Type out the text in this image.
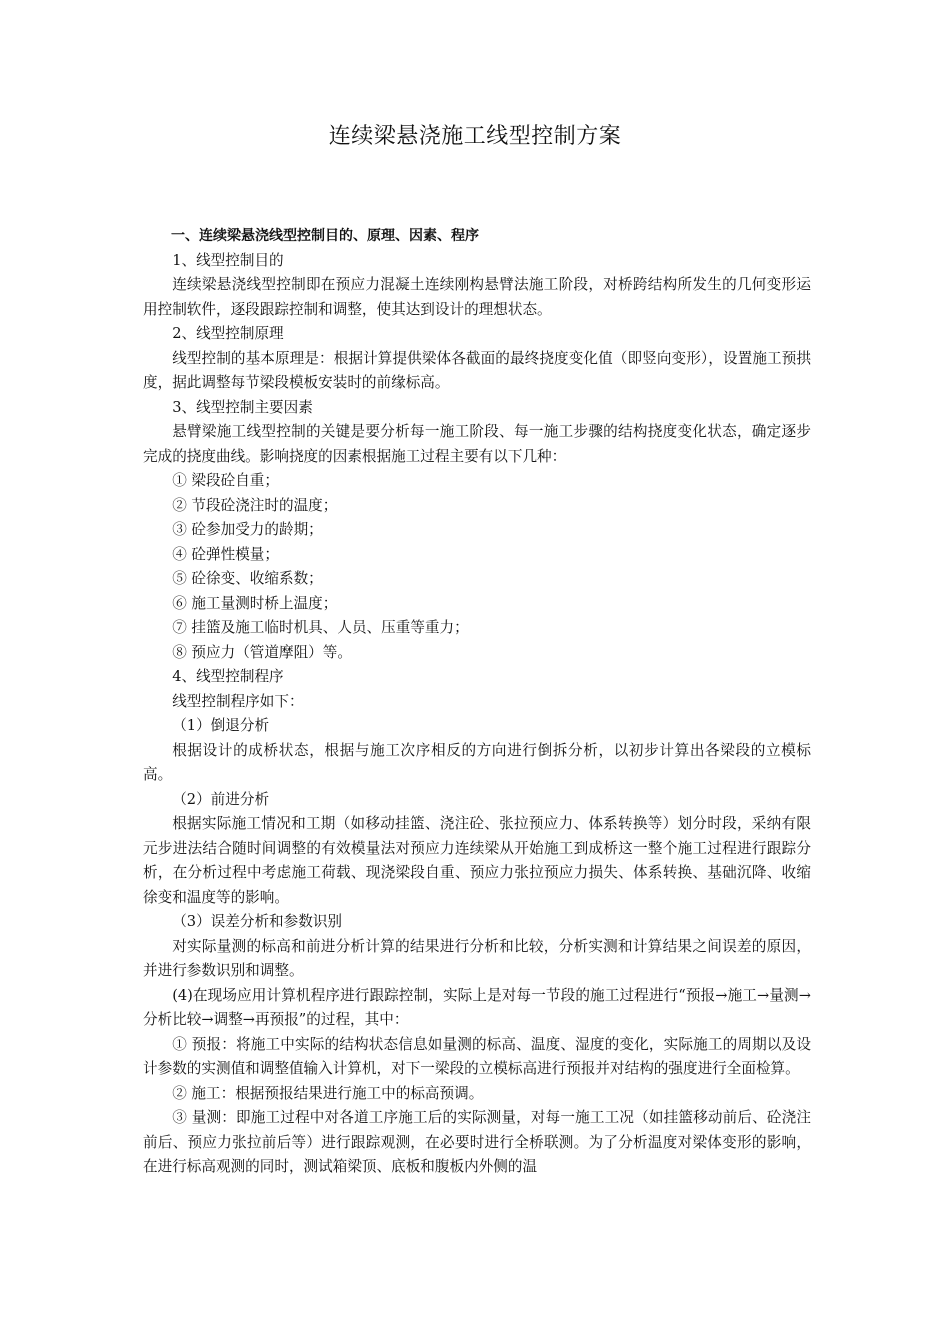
连续梁悬浇施工线型控制方案

一、连续梁悬浇线型控制目的、原理、因素、程序

1、线型控制目的

连续梁悬浇线型控制即在预应力混凝土连续刚构悬臂法施工阶段，对桥跨结构所发生的几何变形运用控制软件，逐段跟踪控制和调整，使其达到设计的理想状态。

2、线型控制原理

线型控制的基本原理是：根据计算提供梁体各截面的最终挠度变化值（即竖向变形），设置施工预拱度，据此调整每节梁段模板安装时的前缘标高。

3、线型控制主要因素

悬臂梁施工线型控制的关键是要分析每一施工阶段、每一施工步骤的结构挠度变化状态，确定逐步完成的挠度曲线。影响挠度的因素根据施工过程主要有以下几种：

① 梁段砼自重；

② 节段砼浇注时的温度；

③ 砼参加受力的龄期；

④ 砼弹性模量；

⑤ 砼徐变、收缩系数；

⑥ 施工量测时桥上温度；

⑦ 挂篮及施工临时机具、人员、压重等重力；

⑧ 预应力（管道摩阻）等。

4、线型控制程序

线型控制程序如下：

（1）倒退分析

根据设计的成桥状态，根据与施工次序相反的方向进行倒拆分析，以初步计算出各梁段的立模标高。

（2）前进分析

根据实际施工情况和工期（如移动挂篮、浇注砼、张拉预应力、体系转换等）划分时段，采纳有限元步进法结合随时间调整的有效模量法对预应力连续梁从开始施工到成桥这一整个施工过程进行跟踪分析，在分析过程中考虑施工荷载、现浇梁段自重、预应力张拉预应力损失、体系转换、基础沉降、收缩徐变和温度等的影响。

（3）误差分析和参数识别

对实际量测的标高和前进分析计算的结果进行分析和比较，分析实测和计算结果之间误差的原因，并进行参数识别和调整。

(4)在现场应用计算机程序进行跟踪控制，实际上是对每一节段的施工过程进行“预报→施工→量测→分析比较→调整→再预报”的过程，其中：

① 预报：将施工中实际的结构状态信息如量测的标高、温度、湿度的变化，实际施工的周期以及设计参数的实测值和调整值输入计算机，对下一梁段的立模标高进行预报并对结构的强度进行全面检算。

② 施工：根据预报结果进行施工中的标高预调。

③ 量测：即施工过程中对各道工序施工后的实际测量，对每一施工工况（如挂篮移动前后、砼浇注前后、预应力张拉前后等）进行跟踪观测，在必要时进行全桥联测。为了分析温度对梁体变形的影响，在进行标高观测的同时，测试箱梁顶、底板和腹板内外侧的温
